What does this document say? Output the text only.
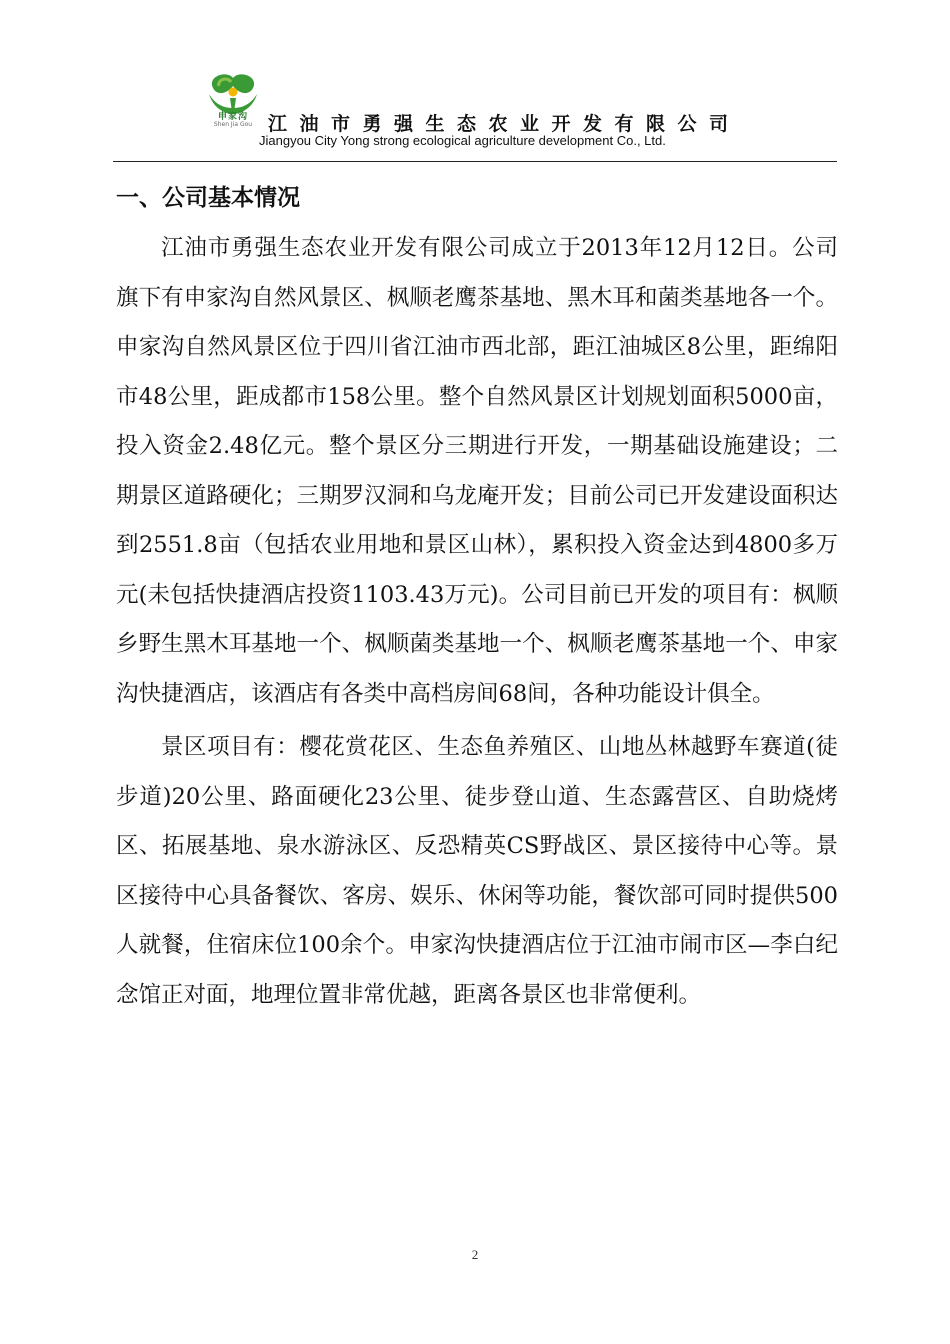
申家沟
Shen Jia Gou 江油市勇强生态农业开发有限公司
Jiangyou City Yong strong ecological agriculture development Co., Ltd.
一、公司基本情况

江油市勇强生态农业开发有限公司成立于2013年12月12日。公司旗下有申家沟自然风景区、枫顺老鹰茶基地、黑木耳和菌类基地各一个。申家沟自然风景区位于四川省江油市西北部，距江油城区8公里，距绵阳市48公里，距成都市158公里。整个自然风景区计划规划面积5000亩，投入资金2.48亿元。整个景区分三期进行开发，一期基础设施建设；二期景区道路硬化；三期罗汉洞和乌龙庵开发；目前公司已开发建设面积达到2551.8亩（包括农业用地和景区山林），累积投入资金达到4800多万元(未包括快捷酒店投资1103.43万元)。公司目前已开发的项目有：枫顺乡野生黑木耳基地一个、枫顺菌类基地一个、枫顺老鹰茶基地一个、申家沟快捷酒店，该酒店有各类中高档房间68间，各种功能设计俱全。

景区项目有：樱花赏花区、生态鱼养殖区、山地丛林越野车赛道(徒步道)20公里、路面硬化23公里、徒步登山道、生态露营区、自助烧烤区、拓展基地、泉水游泳区、反恐精英CS野战区、景区接待中心等。景区接待中心具备餐饮、客房、娱乐、休闲等功能，餐饮部可同时提供500人就餐，住宿床位100余个。申家沟快捷酒店位于江油市闹市区—李白纪念馆正对面，地理位置非常优越，距离各景区也非常便利。

2
